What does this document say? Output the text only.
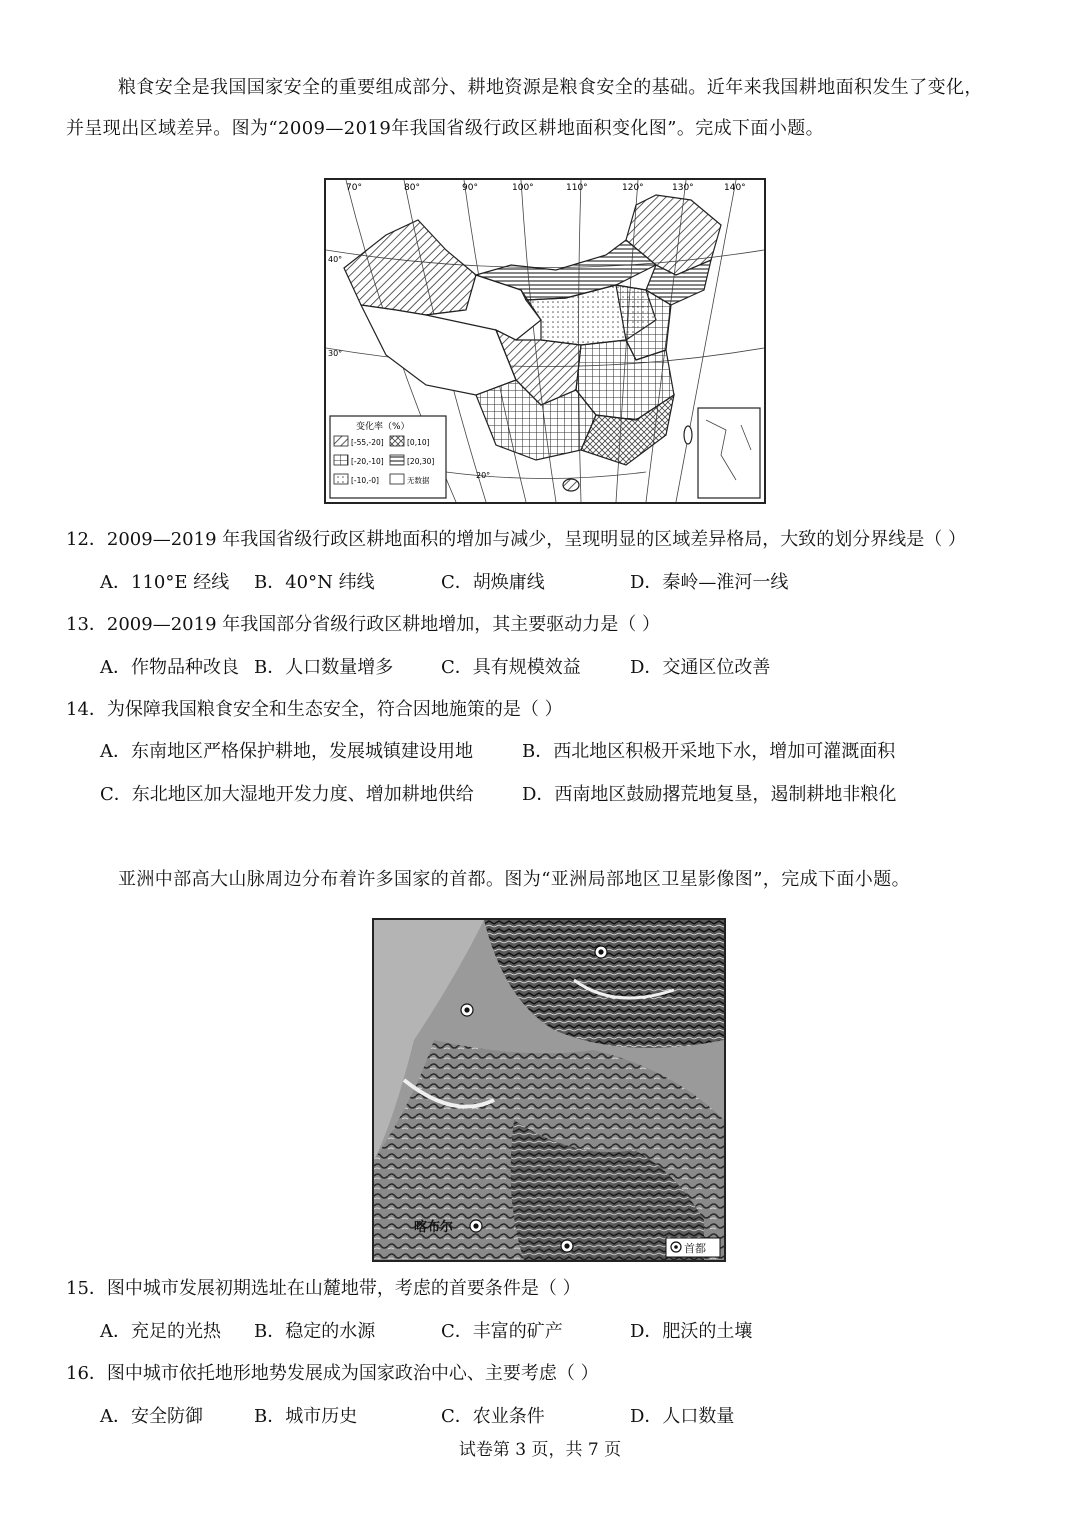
粮食安全是我国国家安全的重要组成部分、耕地资源是粮食安全的基础。近年来我国耕地面积发生了变化，
并呈现出区域差异。图为“2009—2019年我国省级行政区耕地面积变化图”。完成下面小题。
70°	80°	90°	100°	110°	120°	130°	140°
40°
30°
20°
变化率（%）
[-55,-20]	[0,10]
[-20,-10]	[20,30]
[-10,-0]	无数据
12．2009—2019 年我国省级行政区耕地面积的增加与减少，呈现明显的区域差异格局，大致的划分界线是（ ）
A．110°E 经线 B．40°N 纬线	C．胡焕庸线	D．秦岭—淮河一线
13．2009—2019 年我国部分省级行政区耕地增加，其主要驱动力是（ ）
A．作物品种改良 B．人口数量增多	C．具有规模效益	D．交通区位改善
14．为保障我国粮食安全和生态安全，符合因地施策的是（ ）
A．东南地区严格保护耕地，发展城镇建设用地	B．西北地区积极开采地下水，增加可灌溉面积
C．东北地区加大湿地开发力度、增加耕地供给	D．西南地区鼓励撂荒地复垦，遏制耕地非粮化
亚洲中部高大山脉周边分布着许多国家的首都。图为“亚洲局部地区卫星影像图”，完成下面小题。
喀布尔
首都
15．图中城市发展初期选址在山麓地带，考虑的首要条件是（ ）
A．充足的光热 B．稳定的水源	C．丰富的矿产	D．肥沃的土壤
16．图中城市依托地形地势发展成为国家政治中心、主要考虑（ ）
A．安全防御	B．城市历史	C．农业条件	D．人口数量
试卷第 3 页，共 7 页
